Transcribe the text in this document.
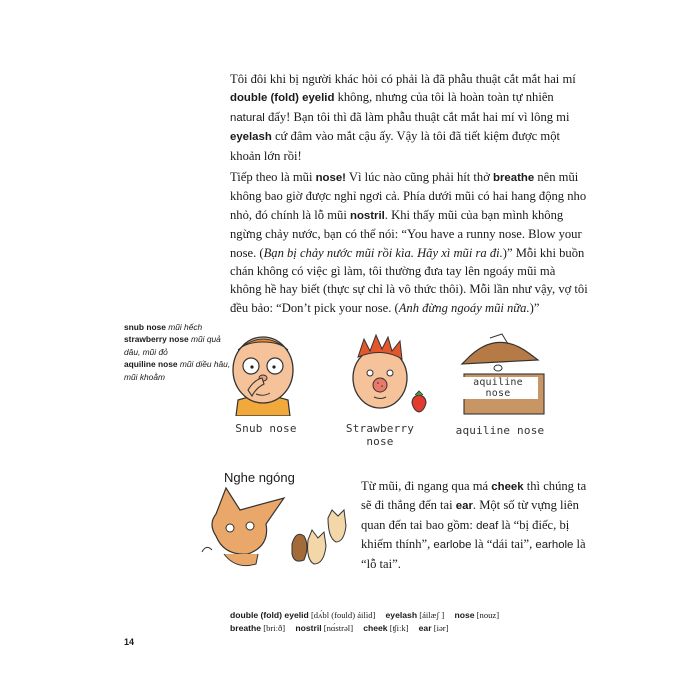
Tôi đôi khi bị người khác hỏi có phải là đã phẫu thuật cắt mắt hai mí double (fold) eyelid không, nhưng của tôi là hoàn toàn tự nhiên natural đấy! Bạn tôi thì đã làm phẫu thuật cắt mắt hai mí vì lông mi eyelash cứ đâm vào mắt cậu ấy. Vậy là tôi đã tiết kiệm được một khoản lớn rồi!

Tiếp theo là mũi nose! Vì lúc nào cũng phải hít thở breathe nên mũi không bao giờ được nghỉ ngơi cả. Phía dưới mũi có hai hang động nho nhỏ, đó chính là lỗ mũi nostril. Khi thấy mũi của bạn mình không ngừng chảy nước, bạn có thể nói: “You have a runny nose. Blow your nose. (Bạn bị chảy nước mũi rồi kìa. Hãy xì mũi ra đi.)” Mỗi khi buồn chán không có việc gì làm, tôi thường đưa tay lên ngoáy mũi mà không hề hay biết (thực sự chỉ là vô thức thôi). Mỗi lần như vậy, vợ tôi đều bảo: “Don’t pick your nose. (Anh đừng ngoáy mũi nữa.)”

snub nose mũi hếch
strawberry nose mũi quả dâu, mũi đỏ
aquiline nose mũi diều hâu, mũi khoằm
Snub nose	Strawberry
nose
aquiline nose
aquiline nose
Nghe ngóng

Từ mũi, đi ngang qua má cheek thì chúng ta sẽ đi thẳng đến tai ear. Một số từ vựng liên quan đến tai bao gồm: deaf là “bị điếc, bị khiếm thính”, earlobe là “dái tai”, earhole là “lỗ tai”.

double (fold) eyelid [dʌ́bl (fould) áilìd] eyelash [áilæʃ ] nose [nouz]
breathe [briːð] nostril [nɑ́strəl] cheek [ʧiːk] ear [iər]
14
